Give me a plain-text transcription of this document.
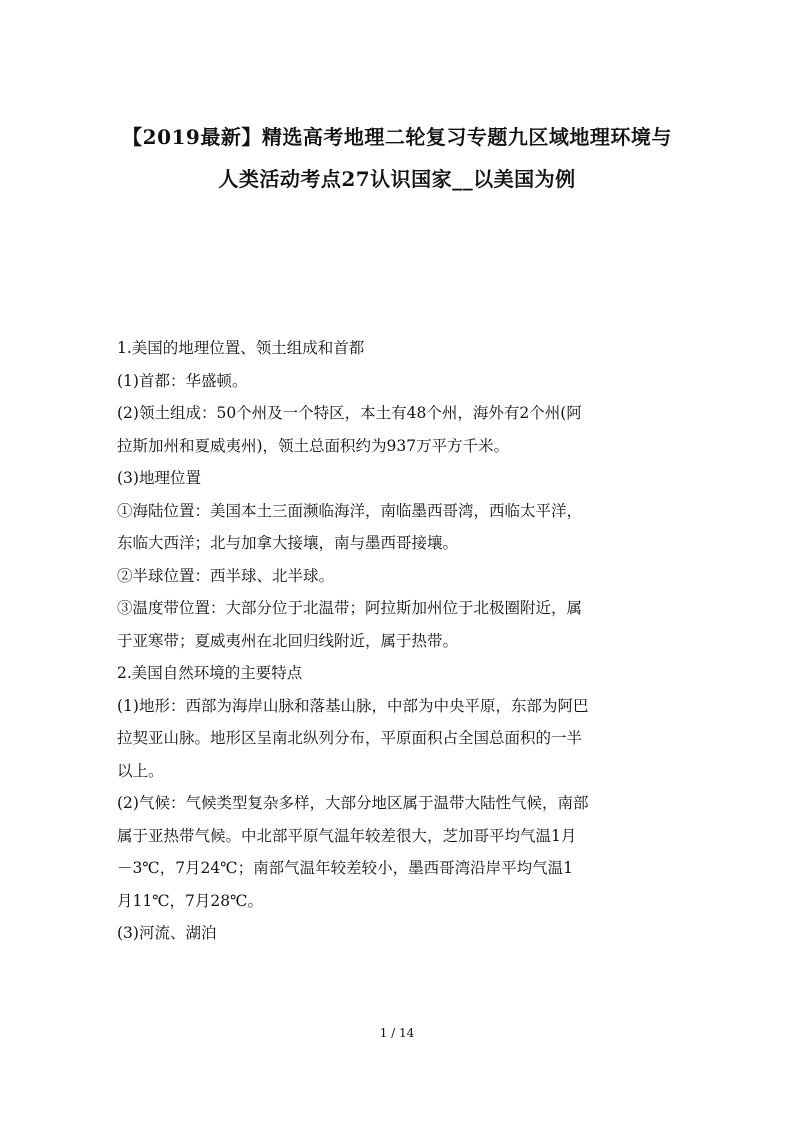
【2019最新】精选高考地理二轮复习专题九区域地理环境与
人类活动考点27认识国家__以美国为例
1.美国的地理位置、领土组成和首都
(1)首都：华盛顿。
(2)领土组成：50个州及一个特区，本土有48个州，海外有2个州(阿
拉斯加州和夏威夷州)，领土总面积约为937万平方千米。
(3)地理位置
①海陆位置：美国本土三面濒临海洋，南临墨西哥湾，西临太平洋，
东临大西洋；北与加拿大接壤，南与墨西哥接壤。
②半球位置：西半球、北半球。
③温度带位置：大部分位于北温带；阿拉斯加州位于北极圈附近，属
于亚寒带；夏威夷州在北回归线附近，属于热带。
2.美国自然环境的主要特点
(1)地形：西部为海岸山脉和落基山脉，中部为中央平原，东部为阿巴
拉契亚山脉。地形区呈南北纵列分布，平原面积占全国总面积的一半
以上。
(2)气候：气候类型复杂多样，大部分地区属于温带大陆性气候，南部
属于亚热带气候。中北部平原气温年较差很大，芝加哥平均气温1月
－3℃，7月24℃；南部气温年较差较小，墨西哥湾沿岸平均气温1
月11℃，7月28℃。
(3)河流、湖泊
1 / 14
